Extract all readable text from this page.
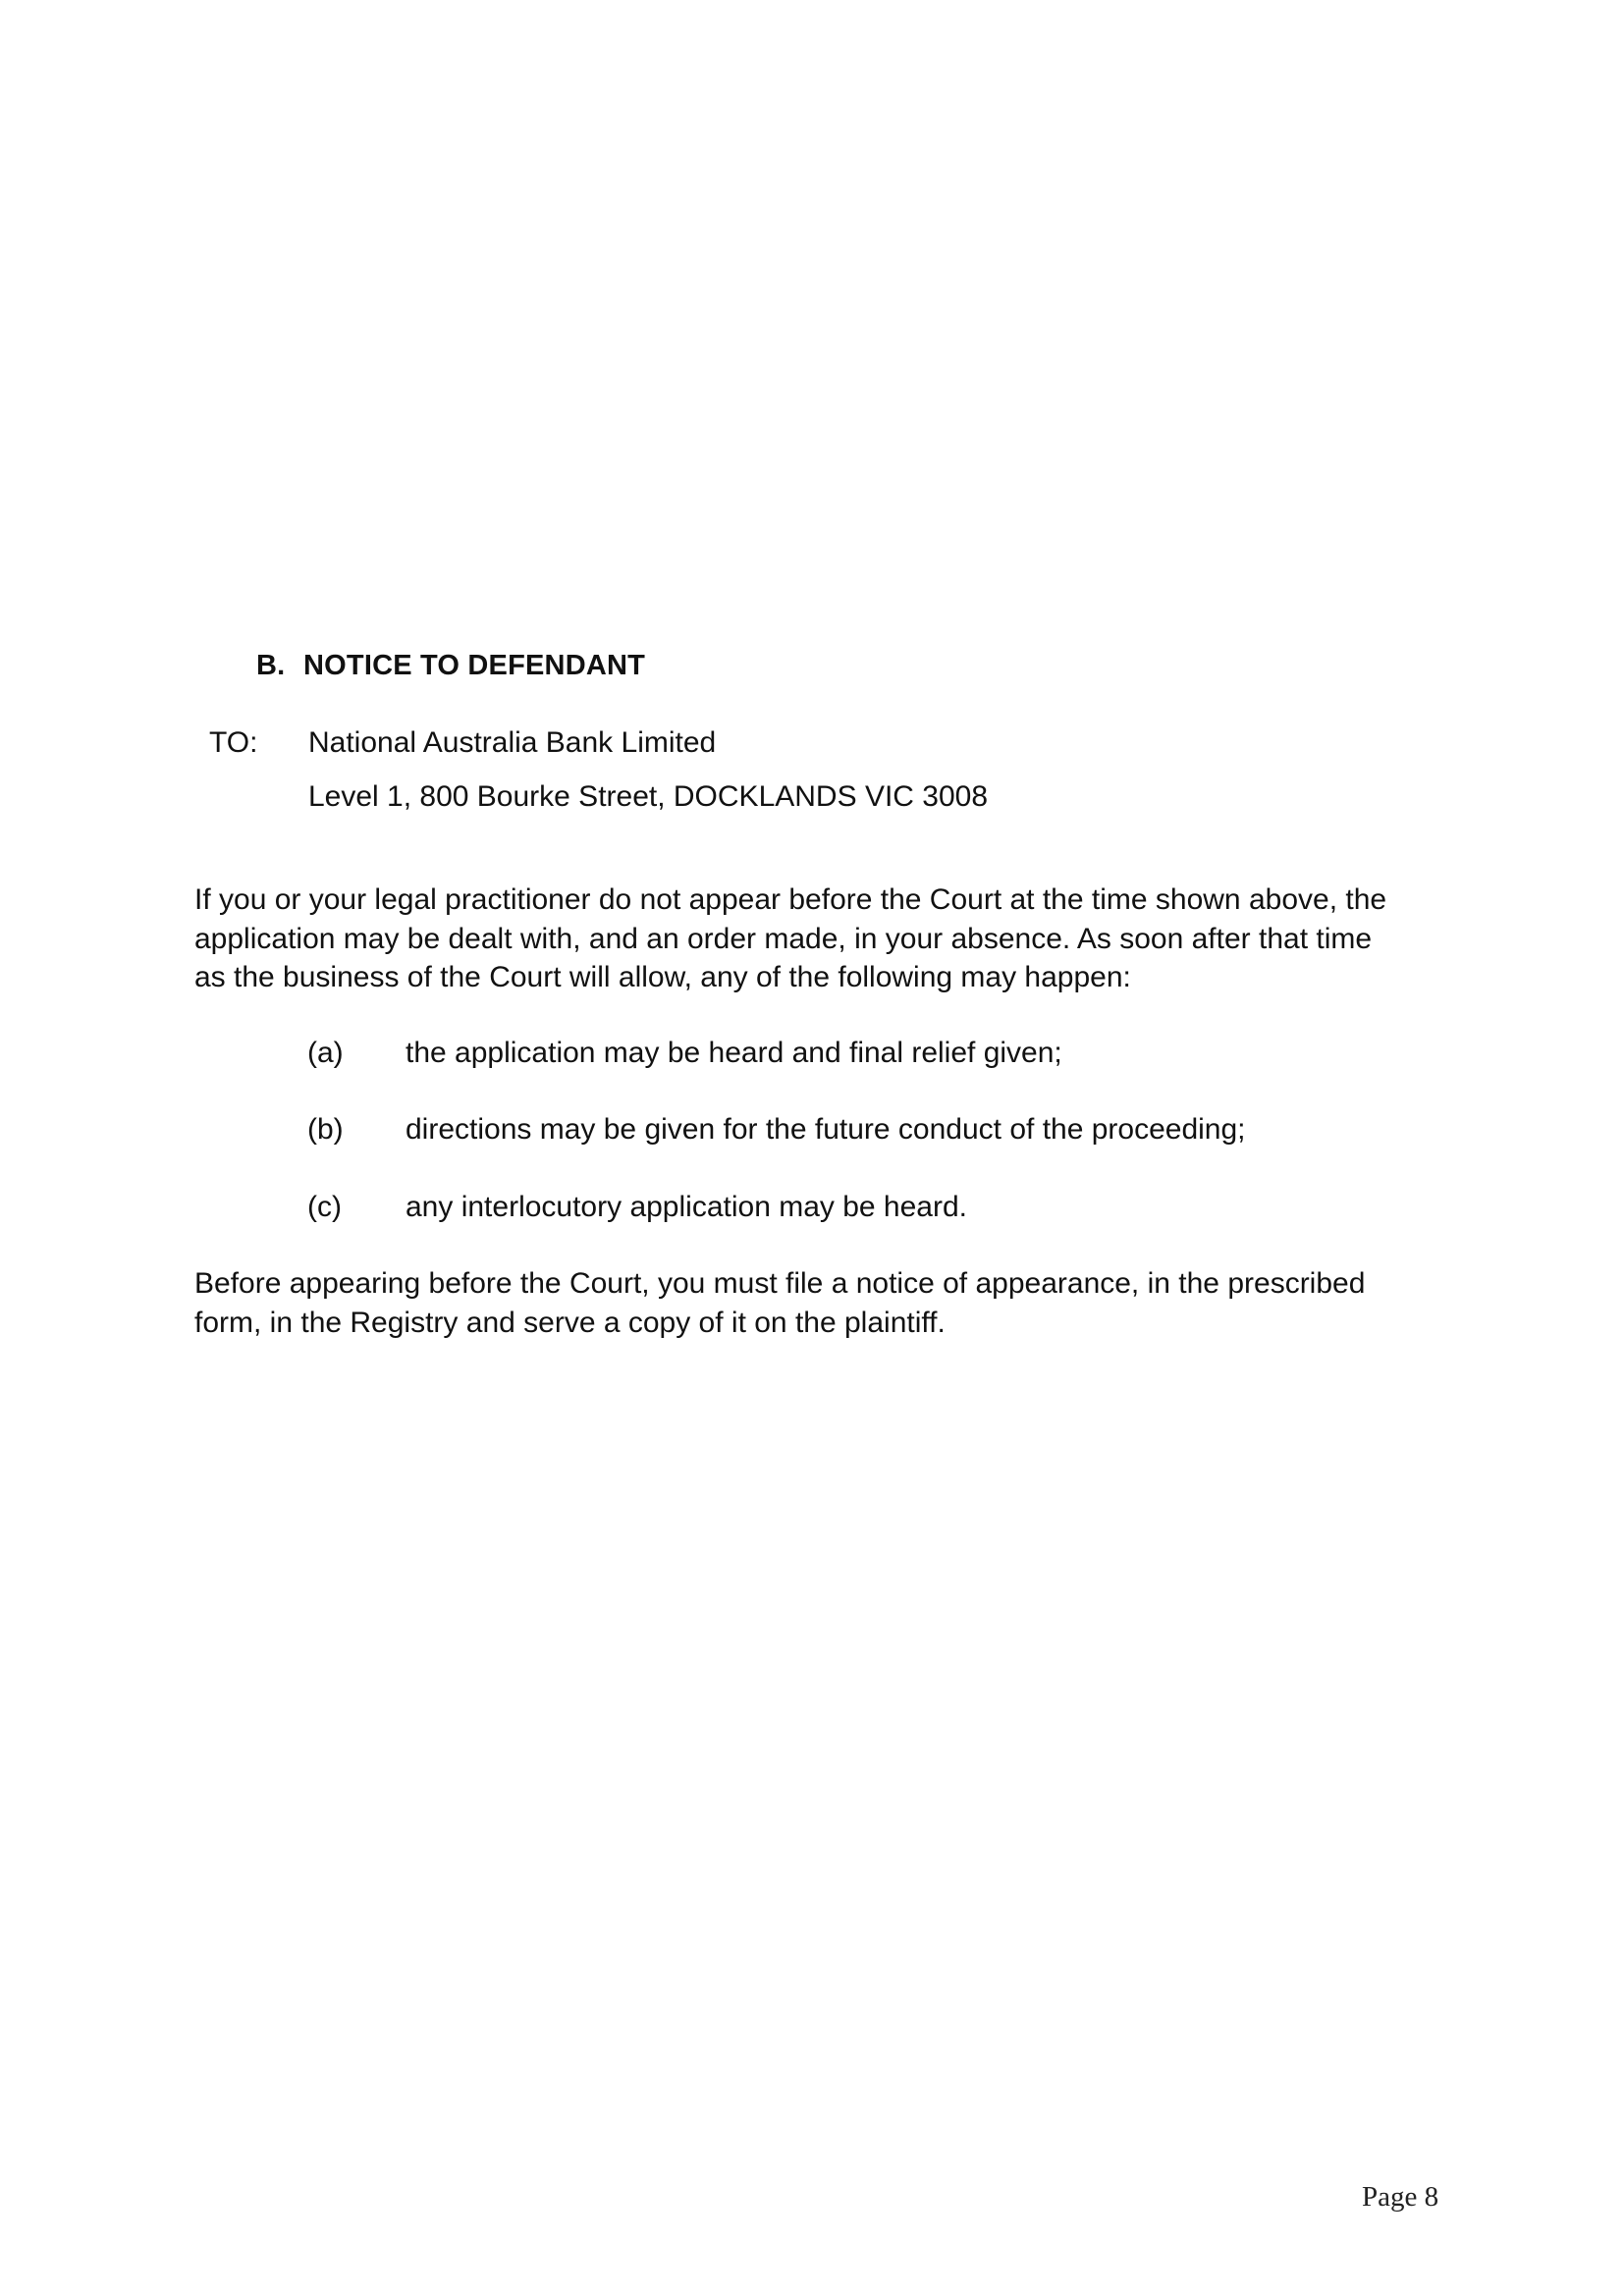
B. NOTICE TO DEFENDANT
TO: National Australia Bank Limited
Level 1, 800 Bourke Street, DOCKLANDS VIC 3008
If you or your legal practitioner do not appear before the Court at the time shown above, the
application may be dealt with, and an order made, in your absence. As soon after that time
as the business of the Court will allow, any of the following may happen:
(a) the application may be heard and final relief given;
(b) directions may be given for the future conduct of the proceeding;
(c) any interlocutory application may be heard.
Before appearing before the Court, you must file a notice of appearance, in the prescribed
form, in the Registry and serve a copy of it on the plaintiff.
Page 8
